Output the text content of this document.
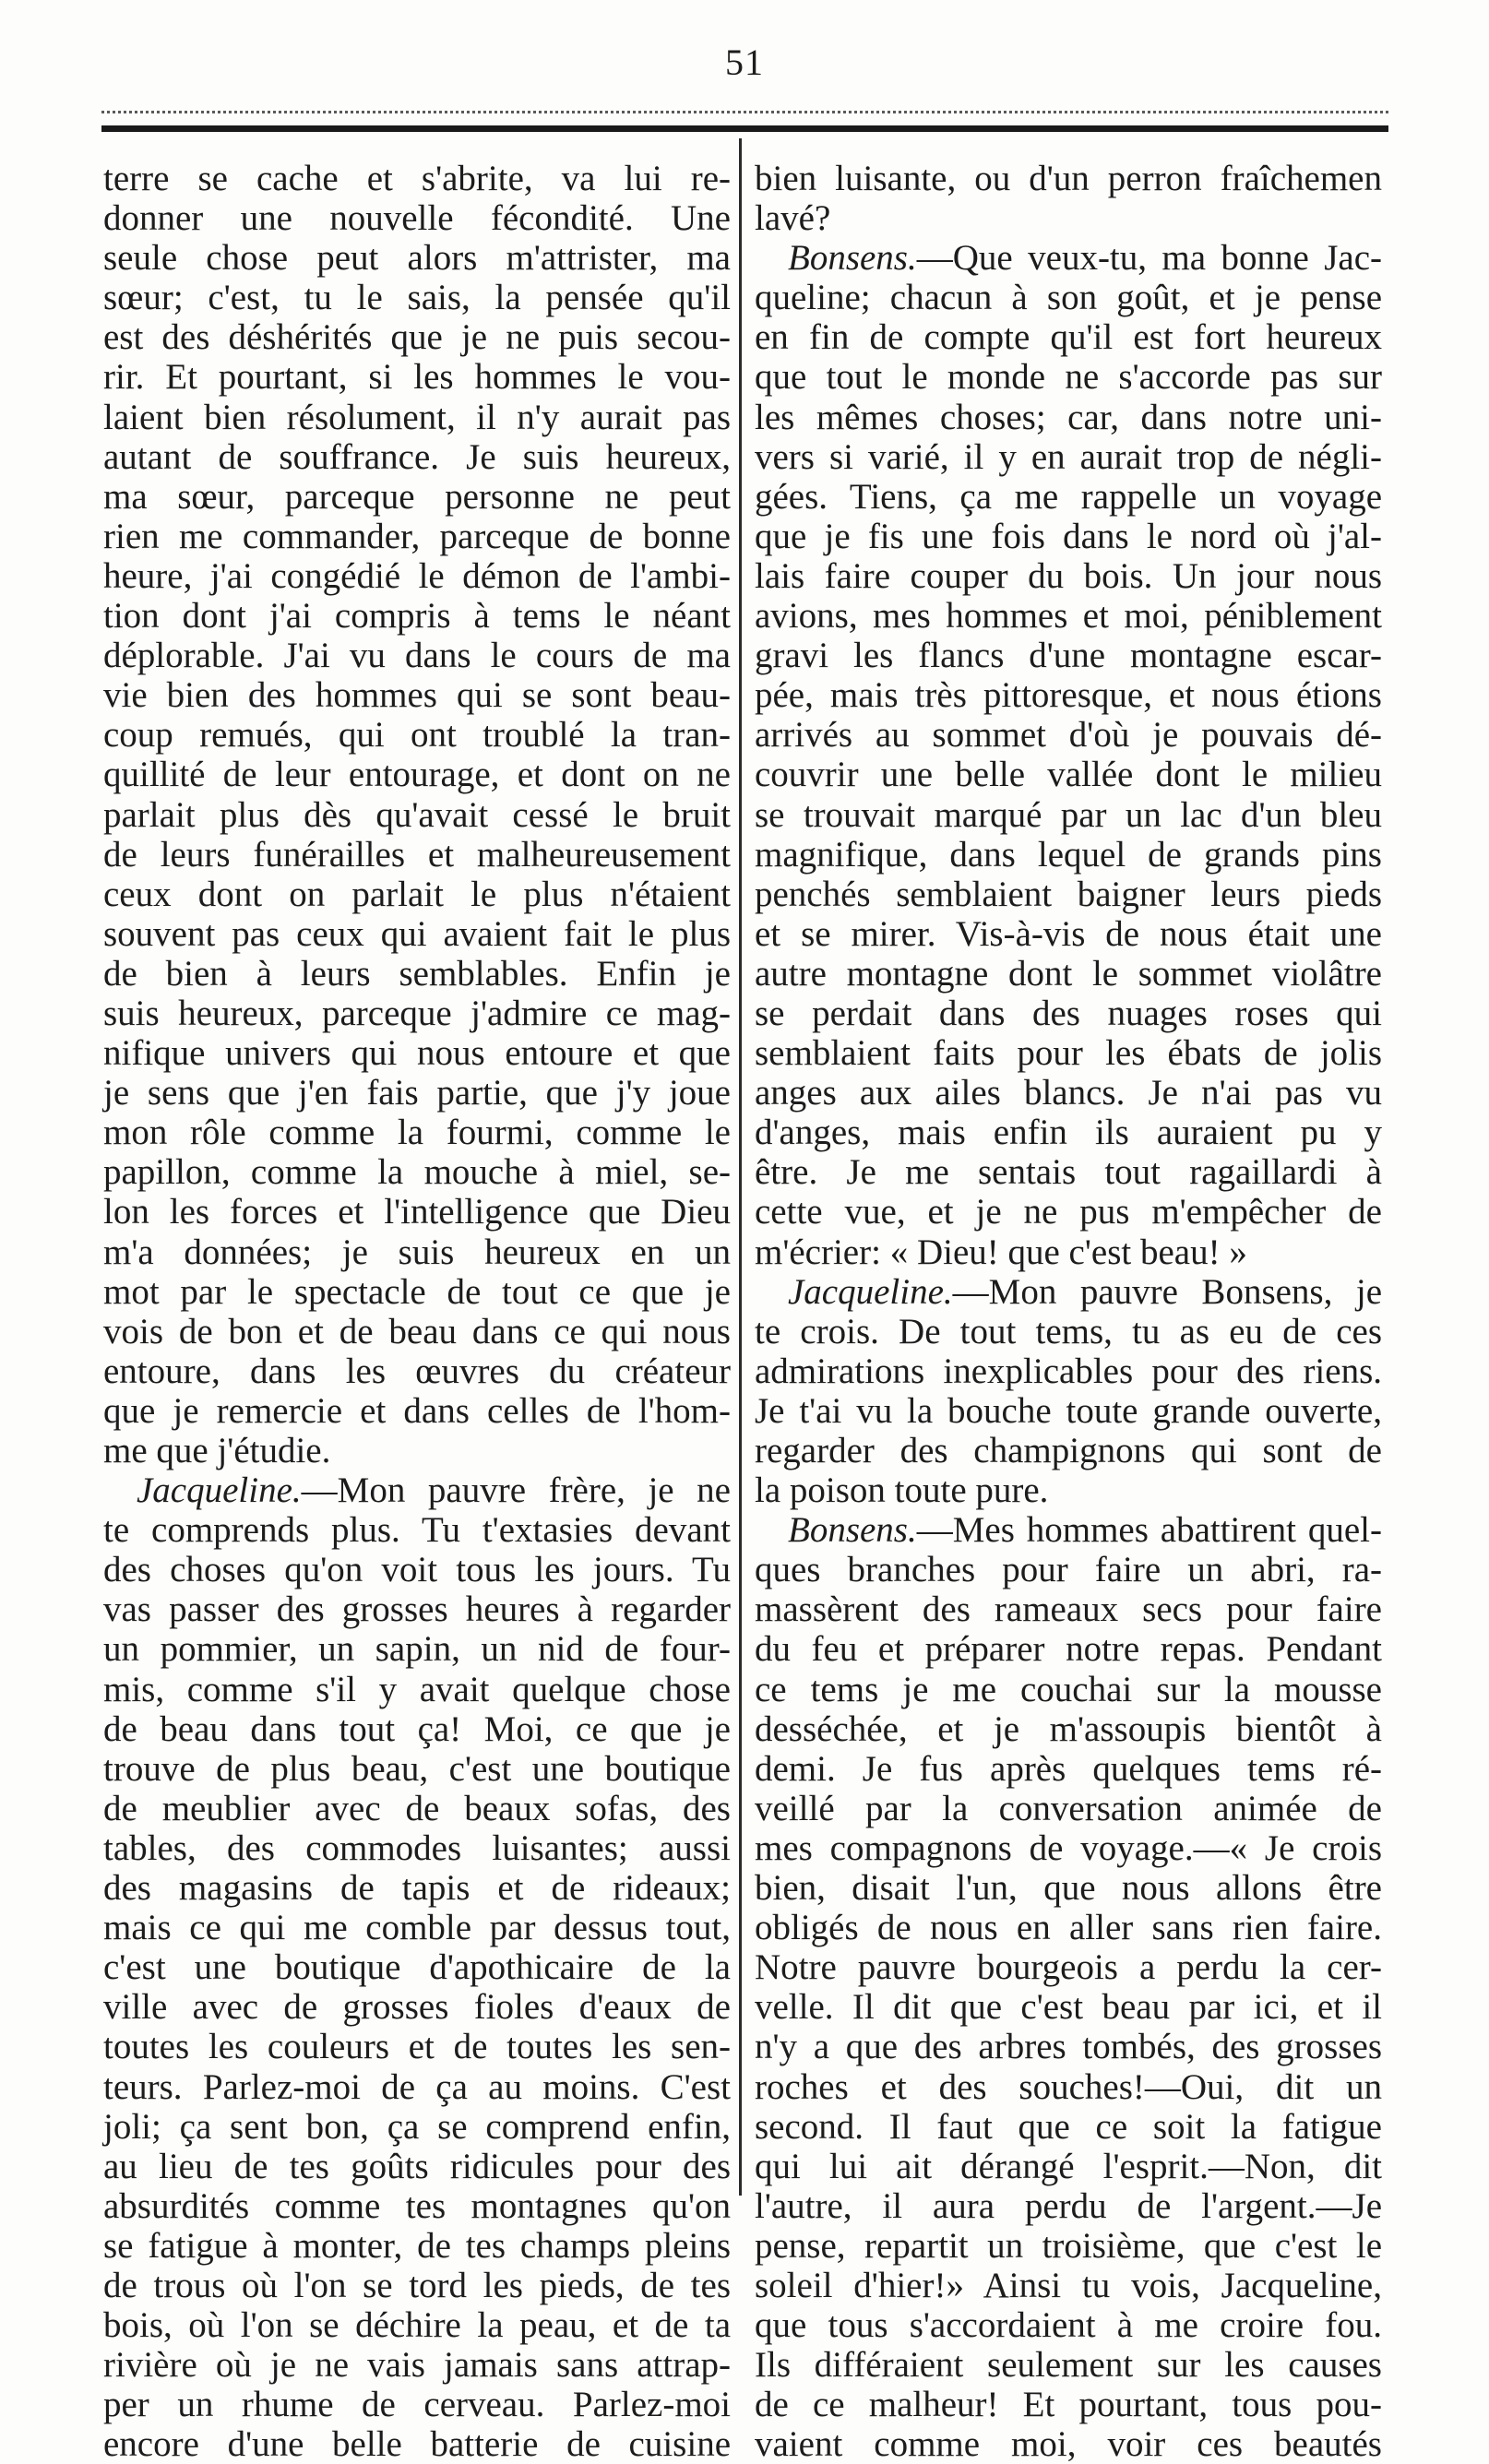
51
terre se cache et s'abrite, va lui re-
donner une nouvelle fécondité. Une
seule chose peut alors m'attrister, ma
sœur; c'est, tu le sais, la pensée qu'il
est des déshérités que je ne puis secou-
rir. Et pourtant, si les hommes le vou-
laient bien résolument, il n'y aurait pas
autant de souffrance. Je suis heureux,
ma sœur, parceque personne ne peut
rien me commander, parceque de bonne
heure, j'ai congédié le démon de l'ambi-
tion dont j'ai compris à tems le néant
déplorable. J'ai vu dans le cours de ma
vie bien des hommes qui se sont beau-
coup remués, qui ont troublé la tran-
quillité de leur entourage, et dont on ne
parlait plus dès qu'avait cessé le bruit
de leurs funérailles et malheureusement
ceux dont on parlait le plus n'étaient
souvent pas ceux qui avaient fait le plus
de bien à leurs semblables. Enfin je
suis heureux, parceque j'admire ce mag-
nifique univers qui nous entoure et que
je sens que j'en fais partie, que j'y joue
mon rôle comme la fourmi, comme le
papillon, comme la mouche à miel, se-
lon les forces et l'intelligence que Dieu
m'a données; je suis heureux en un
mot par le spectacle de tout ce que je
vois de bon et de beau dans ce qui nous
entoure, dans les œuvres du créateur
que je remercie et dans celles de l'hom-
me que j'étudie.
Jacqueline.—Mon pauvre frère, je ne
te comprends plus. Tu t'extasies devant
des choses qu'on voit tous les jours. Tu
vas passer des grosses heures à regarder
un pommier, un sapin, un nid de four-
mis, comme s'il y avait quelque chose
de beau dans tout ça! Moi, ce que je
trouve de plus beau, c'est une boutique
de meublier avec de beaux sofas, des
tables, des commodes luisantes; aussi
des magasins de tapis et de rideaux;
mais ce qui me comble par dessus tout,
c'est une boutique d'apothicaire de la
ville avec de grosses fioles d'eaux de
toutes les couleurs et de toutes les sen-
teurs. Parlez-moi de ça au moins. C'est
joli; ça sent bon, ça se comprend enfin,
au lieu de tes goûts ridicules pour des
absurdités comme tes montagnes qu'on
se fatigue à monter, de tes champs pleins
de trous où l'on se tord les pieds, de tes
bois, où l'on se déchire la peau, et de ta
rivière où je ne vais jamais sans attrap-
per un rhume de cerveau. Parlez-moi
encore d'une belle batterie de cuisine
bien luisante, ou d'un perron fraîchemen
lavé?
Bonsens.—Que veux-tu, ma bonne Jac-
queline; chacun à son goût, et je pense
en fin de compte qu'il est fort heureux
que tout le monde ne s'accorde pas sur
les mêmes choses; car, dans notre uni-
vers si varié, il y en aurait trop de négli-
gées. Tiens, ça me rappelle un voyage
que je fis une fois dans le nord où j'al-
lais faire couper du bois. Un jour nous
avions, mes hommes et moi, péniblement
gravi les flancs d'une montagne escar-
pée, mais très pittoresque, et nous étions
arrivés au sommet d'où je pouvais dé-
couvrir une belle vallée dont le milieu
se trouvait marqué par un lac d'un bleu
magnifique, dans lequel de grands pins
penchés semblaient baigner leurs pieds
et se mirer. Vis-à-vis de nous était une
autre montagne dont le sommet violâtre
se perdait dans des nuages roses qui
semblaient faits pour les ébats de jolis
anges aux ailes blancs. Je n'ai pas vu
d'anges, mais enfin ils auraient pu y
être. Je me sentais tout ragaillardi à
cette vue, et je ne pus m'empêcher de
m'écrier: « Dieu! que c'est beau! »
Jacqueline.—Mon pauvre Bonsens, je
te crois. De tout tems, tu as eu de ces
admirations inexplicables pour des riens.
Je t'ai vu la bouche toute grande ouverte,
regarder des champignons qui sont de
la poison toute pure.
Bonsens.—Mes hommes abattirent quel-
ques branches pour faire un abri, ra-
massèrent des rameaux secs pour faire
du feu et préparer notre repas. Pendant
ce tems je me couchai sur la mousse
desséchée, et je m'assoupis bientôt à
demi. Je fus après quelques tems ré-
veillé par la conversation animée de
mes compagnons de voyage.—« Je crois
bien, disait l'un, que nous allons être
obligés de nous en aller sans rien faire.
Notre pauvre bourgeois a perdu la cer-
velle. Il dit que c'est beau par ici, et il
n'y a que des arbres tombés, des grosses
roches et des souches!—Oui, dit un
second. Il faut que ce soit la fatigue
qui lui ait dérangé l'esprit.—Non, dit
l'autre, il aura perdu de l'argent.—Je
pense, repartit un troisième, que c'est le
soleil d'hier!» Ainsi tu vois, Jacqueline,
que tous s'accordaient à me croire fou.
Ils différaient seulement sur les causes
de ce malheur! Et pourtant, tous pou-
vaient comme moi, voir ces beautés
